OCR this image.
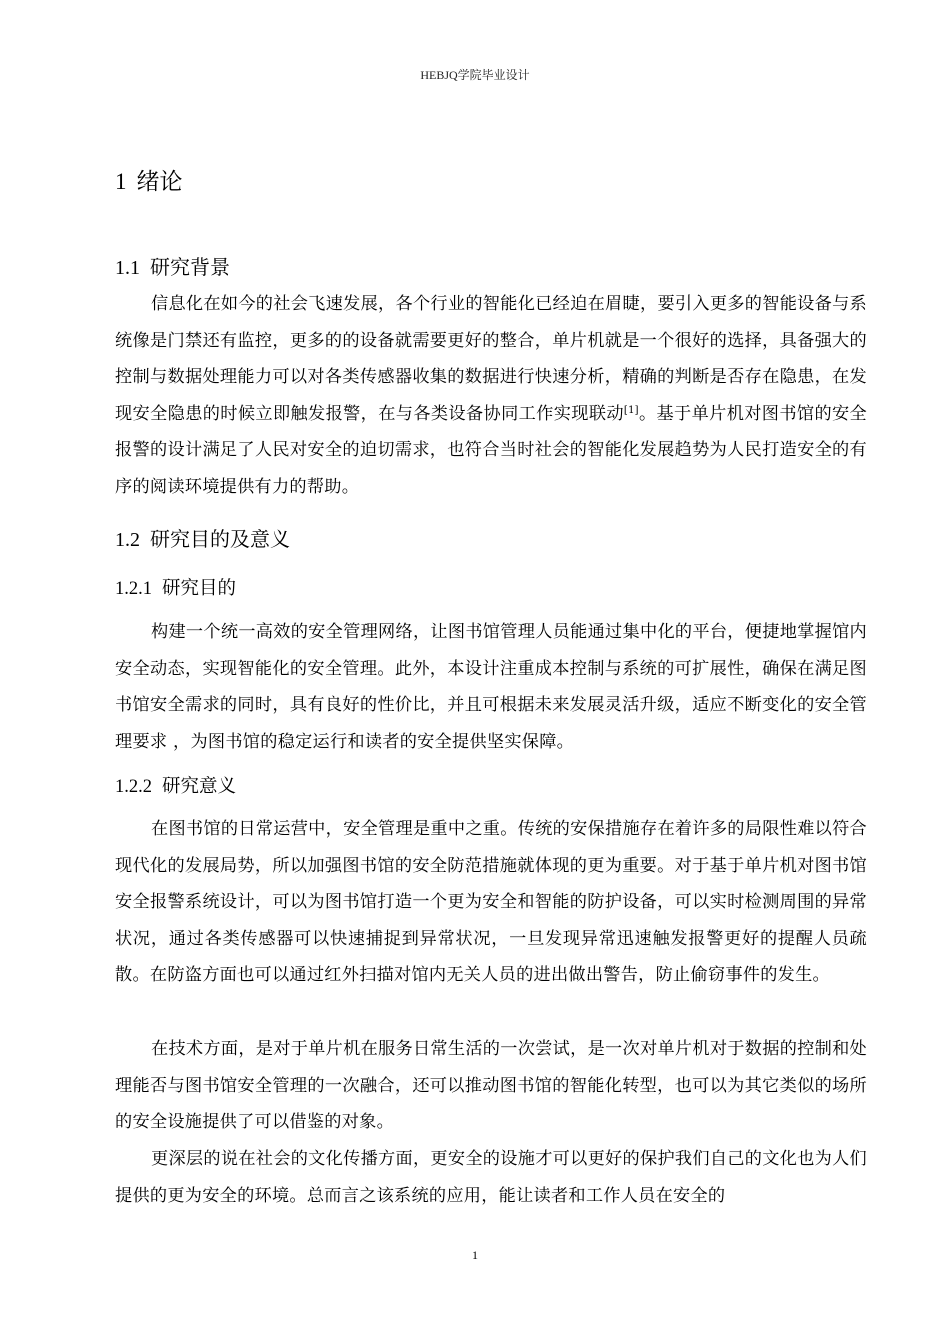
HEBJQ学院毕业设计
1 绪论
1.1 研究背景

信息化在如今的社会飞速发展，各个行业的智能化已经迫在眉睫，要引入更多的智能设备与系统像是门禁还有监控，更多的的设备就需要更好的整合，单片机就是一个很好的选择，具备强大的控制与数据处理能力可以对各类传感器收集的数据进行快速分析，精确的判断是否存在隐患，在发现安全隐患的时候立即触发报警，在与各类设备协同工作实现联动[1]。基于单片机对图书馆的安全报警的设计满足了人民对安全的迫切需求，也符合当时社会的智能化发展趋势为人民打造安全的有序的阅读环境提供有力的帮助。

1.2 研究目的及意义
1.2.1 研究目的

构建一个统一高效的安全管理网络，让图书馆管理人员能通过集中化的平台，便捷地掌握馆内安全动态，实现智能化的安全管理。此外，本设计注重成本控制与系统的可扩展性，确保在满足图书馆安全需求的同时，具有良好的性价比，并且可根据未来发展灵活升级，适应不断变化的安全管理要求 ，为图书馆的稳定运行和读者的安全提供坚实保障。

1.2.2 研究意义

在图书馆的日常运营中，安全管理是重中之重。传统的安保措施存在着许多的局限性难以符合现代化的发展局势，所以加强图书馆的安全防范措施就体现的更为重要。对于基于单片机对图书馆安全报警系统设计，可以为图书馆打造一个更为安全和智能的防护设备，可以实时检测周围的异常状况，通过各类传感器可以快速捕捉到异常状况，一旦发现异常迅速触发报警更好的提醒人员疏散。在防盗方面也可以通过红外扫描对馆内无关人员的进出做出警告，防止偷窃事件的发生。

在技术方面，是对于单片机在服务日常生活的一次尝试，是一次对单片机对于数据的控制和处理能否与图书馆安全管理的一次融合，还可以推动图书馆的智能化转型，也可以为其它类似的场所的安全设施提供了可以借鉴的对象。

更深层的说在社会的文化传播方面，更安全的设施才可以更好的保护我们自己的文化也为人们提供的更为安全的环境。总而言之该系统的应用，能让读者和工作人员在安全的

1
